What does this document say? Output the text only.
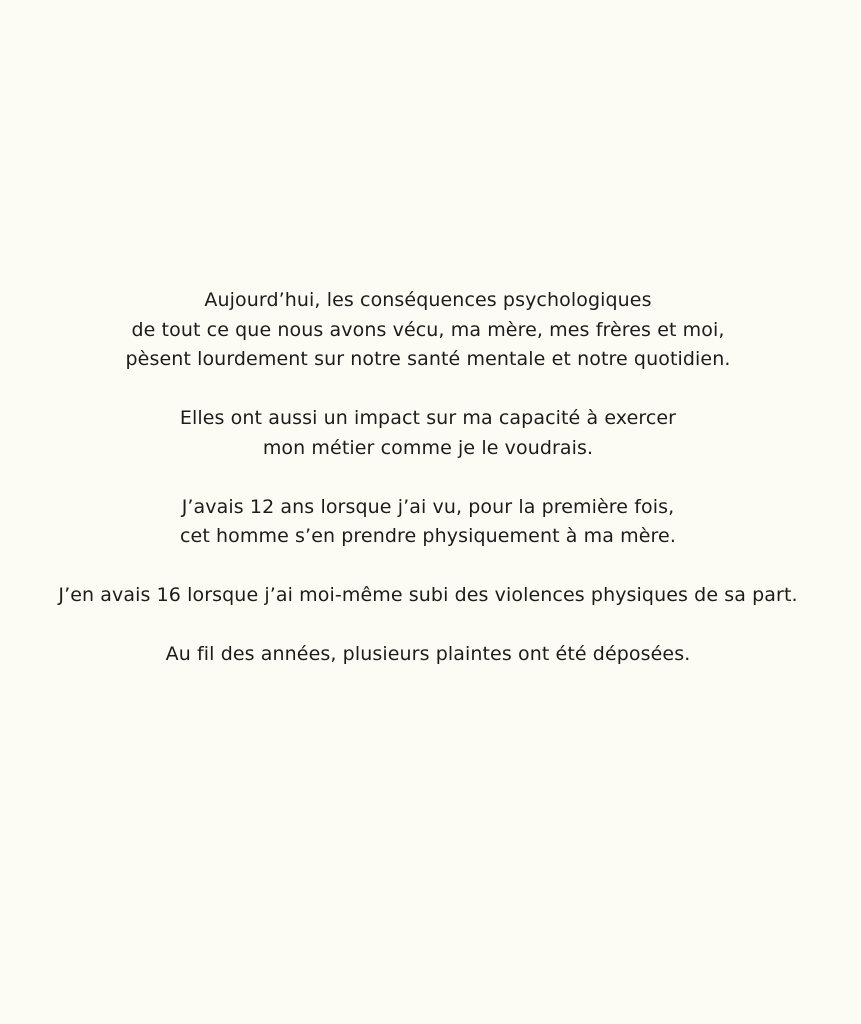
Aujourd’hui, les conséquences psychologiques
de tout ce que nous avons vécu, ma mère, mes frères et moi,
pèsent lourdement sur notre santé mentale et notre quotidien.

Elles ont aussi un impact sur ma capacité à exercer
mon métier comme je le voudrais.

J’avais 12 ans lorsque j’ai vu, pour la première fois,
cet homme s’en prendre physiquement à ma mère.

J’en avais 16 lorsque j’ai moi-même subi des violences physiques de sa part.

Au fil des années, plusieurs plaintes ont été déposées.
